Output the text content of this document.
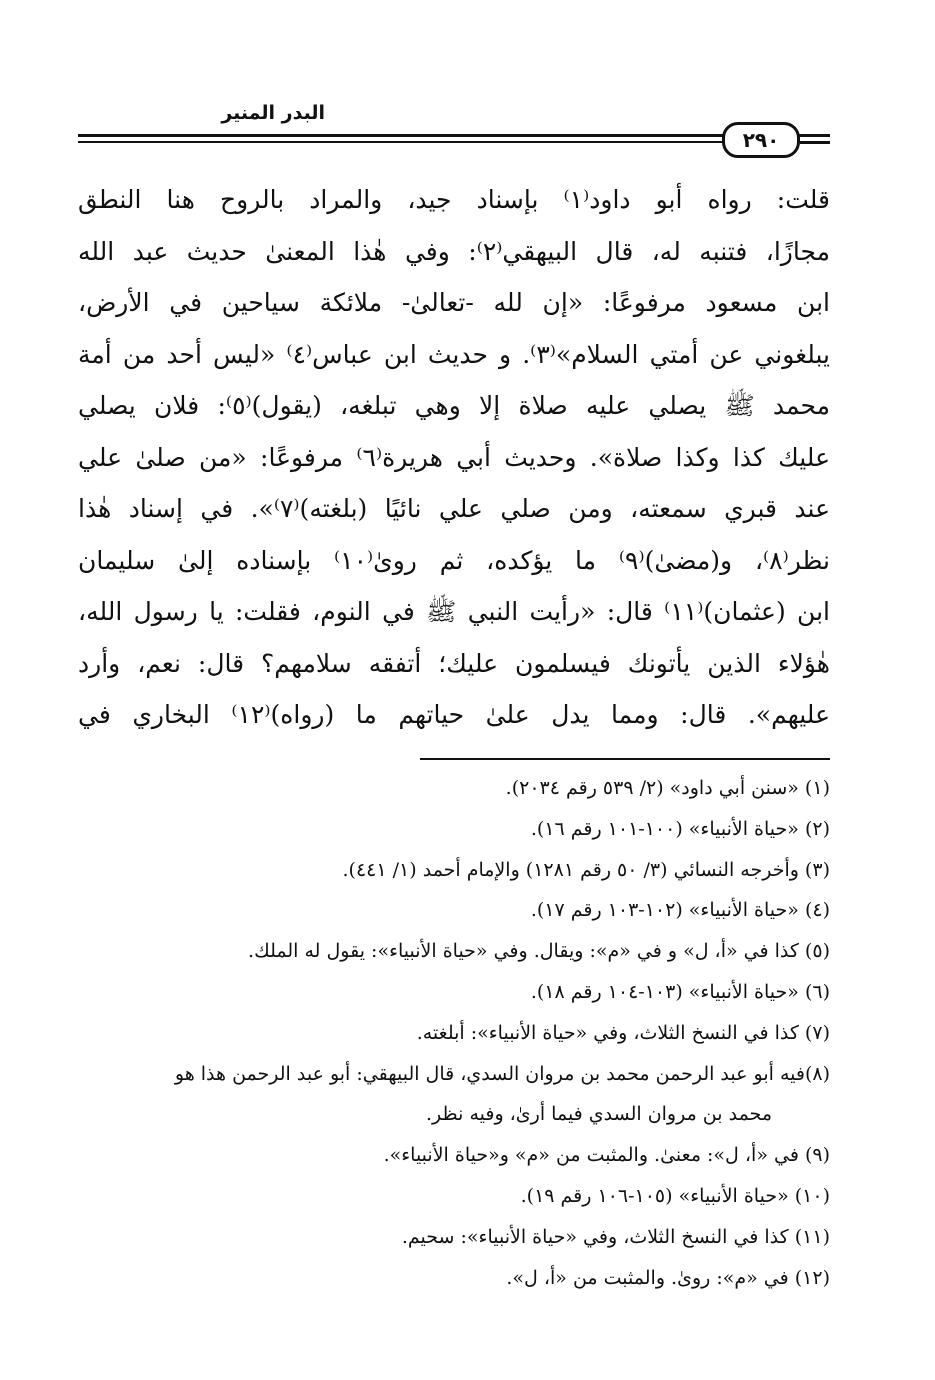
البدر المنير
٢٩٠
قلت: رواه أبو داود⁽١⁾ بإسناد جيد، والمراد بالروح هنا النطق
مجازًا، فتنبه له، قال البيهقي⁽٢⁾: وفي هٰذا المعنىٰ حديث عبد الله
ابن مسعود مرفوعًا: «إن لله -تعالىٰ- ملائكة سياحين في الأرض،
يبلغوني عن أمتي السلام»⁽٣⁾. و حديث ابن عباس⁽٤⁾ «ليس أحد من أمة
محمد ﷺ يصلي عليه صلاة إلا وهي تبلغه، (يقول)⁽٥⁾: فلان يصلي
عليك كذا وكذا صلاة». وحديث أبي هريرة⁽٦⁾ مرفوعًا: «من صلىٰ علي
عند قبري سمعته، ومن صلي علي نائيًا (بلغته)⁽٧⁾». في إسناد هٰذا
نظر⁽٨⁾، و(مضىٰ)⁽٩⁾ ما يؤكده، ثم روىٰ⁽١٠⁾ بإسناده إلىٰ سليمان
ابن (عثمان)⁽١١⁾ قال: «رأيت النبي ﷺ في النوم، فقلت: يا رسول الله،
هٰؤلاء الذين يأتونك فيسلمون عليك؛ أتفقه سلامهم؟ قال: نعم، وأرد
عليهم». قال: ومما يدل علىٰ حياتهم ما (رواه)⁽١٢⁾ البخاري في
(١) «سنن أبي داود» (٢/ ٥٣٩ رقم ٢٠٣٤).
(٢) «حياة الأنبياء» (١٠٠-١٠١ رقم ١٦).
(٣) وأخرجه النسائي (٣/ ٥٠ رقم ١٢٨١) والإمام أحمد (١/ ٤٤١).
(٤) «حياة الأنبياء» (١٠٢-١٠٣ رقم ١٧).
(٥) كذا في «أ، ل» و في «م»: ويقال. وفي «حياة الأنبياء»: يقول له الملك.
(٦) «حياة الأنبياء» (١٠٣-١٠٤ رقم ١٨).
(٧) كذا في النسخ الثلاث، وفي «حياة الأنبياء»: أبلغته.
(٨)فيه أبو عبد الرحمن محمد بن مروان السدي، قال البيهقي: أبو عبد الرحمن هذا هو
محمد بن مروان السدي فيما أرىٰ، وفيه نظر.
(٩) في «أ، ل»: معنىٰ. والمثبت من «م» و«حياة الأنبياء».
(١٠) «حياة الأنبياء» (١٠٥-١٠٦ رقم ١٩).
(١١) كذا في النسخ الثلاث، وفي «حياة الأنبياء»: سحيم.
(١٢) في «م»: روىٰ. والمثبت من «أ، ل».
